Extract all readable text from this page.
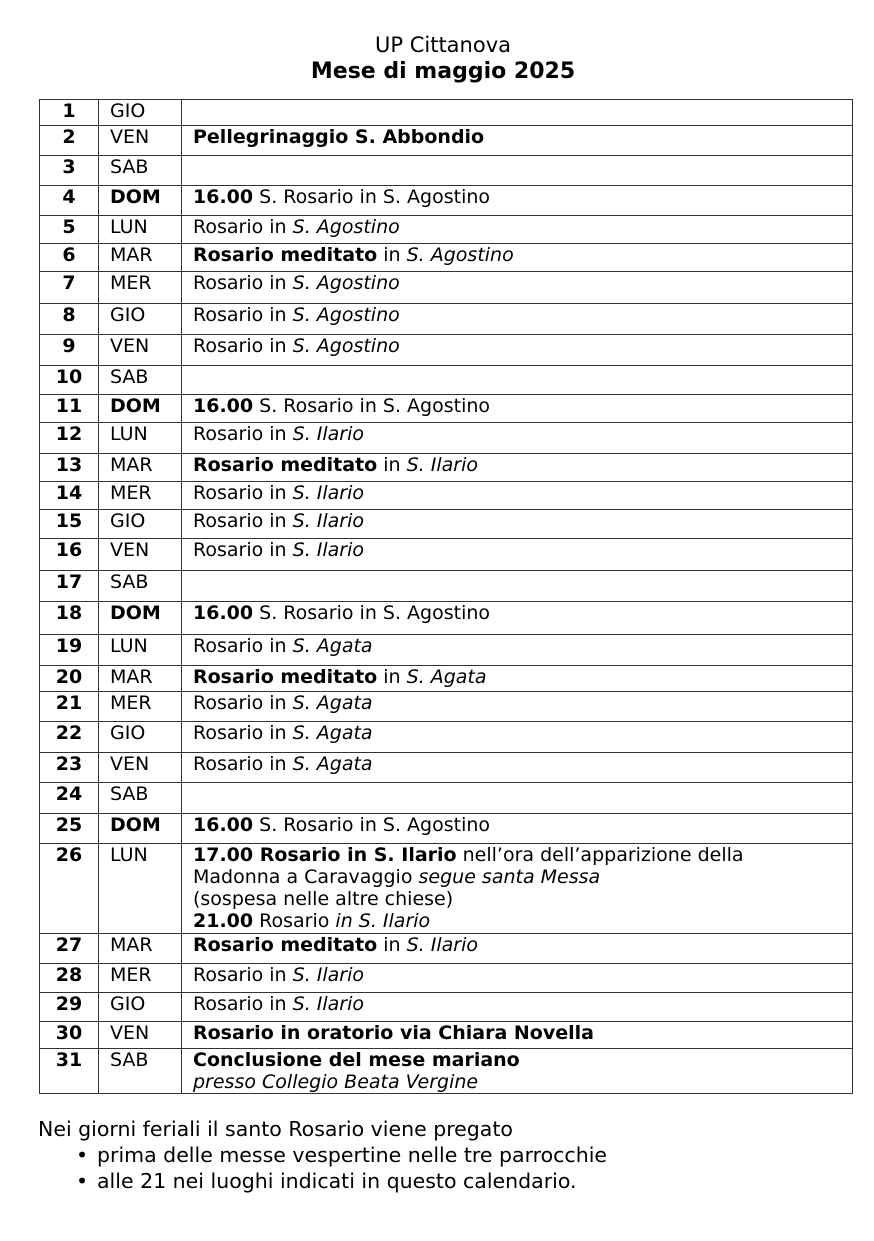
UP Cittanova
Mese di maggio 2025
1	GIO	
2	VEN	Pellegrinaggio S. Abbondio
3	SAB	
4	DOM	16.00 S. Rosario in S. Agostino
5	LUN	Rosario in S. Agostino
6	MAR	Rosario meditato in S. Agostino
7	MER	Rosario in S. Agostino
8	GIO	Rosario in S. Agostino
9	VEN	Rosario in S. Agostino
10	SAB	
11	DOM	16.00 S. Rosario in S. Agostino
12	LUN	Rosario in S. Ilario
13	MAR	Rosario meditato in S. Ilario
14	MER	Rosario in S. Ilario
15	GIO	Rosario in S. Ilario
16	VEN	Rosario in S. Ilario
17	SAB	
18	DOM	16.00 S. Rosario in S. Agostino
19	LUN	Rosario in S. Agata
20	MAR	Rosario meditato in S. Agata
21	MER	Rosario in S. Agata
22	GIO	Rosario in S. Agata
23	VEN	Rosario in S. Agata
24	SAB	
25	DOM	16.00 S. Rosario in S. Agostino
26	LUN	17.00 Rosario in S. Ilario nell’ora dell’apparizione della
Madonna a Caravaggio segue santa Messa
(sospesa nelle altre chiese)
21.00 Rosario in S. Ilario
27	MAR	Rosario meditato in S. Ilario
28	MER	Rosario in S. Ilario
29	GIO	Rosario in S. Ilario
30	VEN	Rosario in oratorio via Chiara Novella
31	SAB	Conclusione del mese mariano
presso Collegio Beata Vergine
Nei giorni feriali il santo Rosario viene pregato
• prima delle messe vespertine nelle tre parrocchie
• alle 21 nei luoghi indicati in questo calendario.
